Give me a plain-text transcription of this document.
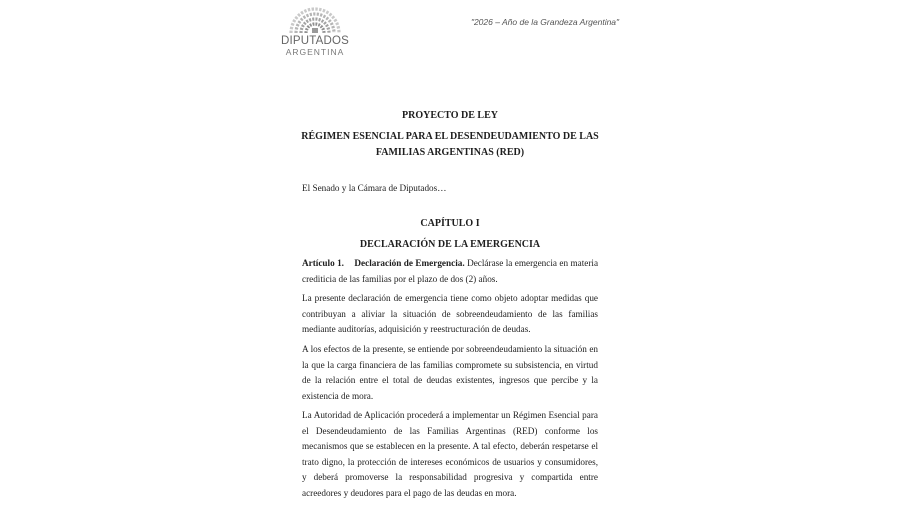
DIPUTADOS
ARGENTINA
"2026 – Año de la Grandeza Argentina"
PROYECTO DE LEY
RÉGIMEN ESENCIAL PARA EL DESENDEUDAMIENTO DE LAS FAMILIAS ARGENTINAS (RED)
El Senado y la Cámara de Diputados…
CAPÍTULO I
DECLARACIÓN DE LA EMERGENCIA
Artículo 1. Declaración de Emergencia. Declárase la emergencia en materia crediticia de las familias por el plazo de dos (2) años.
La presente declaración de emergencia tiene como objeto adoptar medidas que contribuyan a aliviar la situación de sobreendeudamiento de las familias mediante auditorías, adquisición y reestructuración de deudas.
A los efectos de la presente, se entiende por sobreendeudamiento la situación en la que la carga financiera de las familias compromete su subsistencia, en virtud de la relación entre el total de deudas existentes, ingresos que percibe y la existencia de mora.
La Autoridad de Aplicación procederá a implementar un Régimen Esencial para el Desendeudamiento de las Familias Argentinas (RED) conforme los mecanismos que se establecen en la presente. A tal efecto, deberán respetarse el trato digno, la protección de intereses económicos de usuarios y consumidores, y deberá promoverse la responsabilidad progresiva y compartida entre acreedores y deudores para el pago de las deudas en mora.
